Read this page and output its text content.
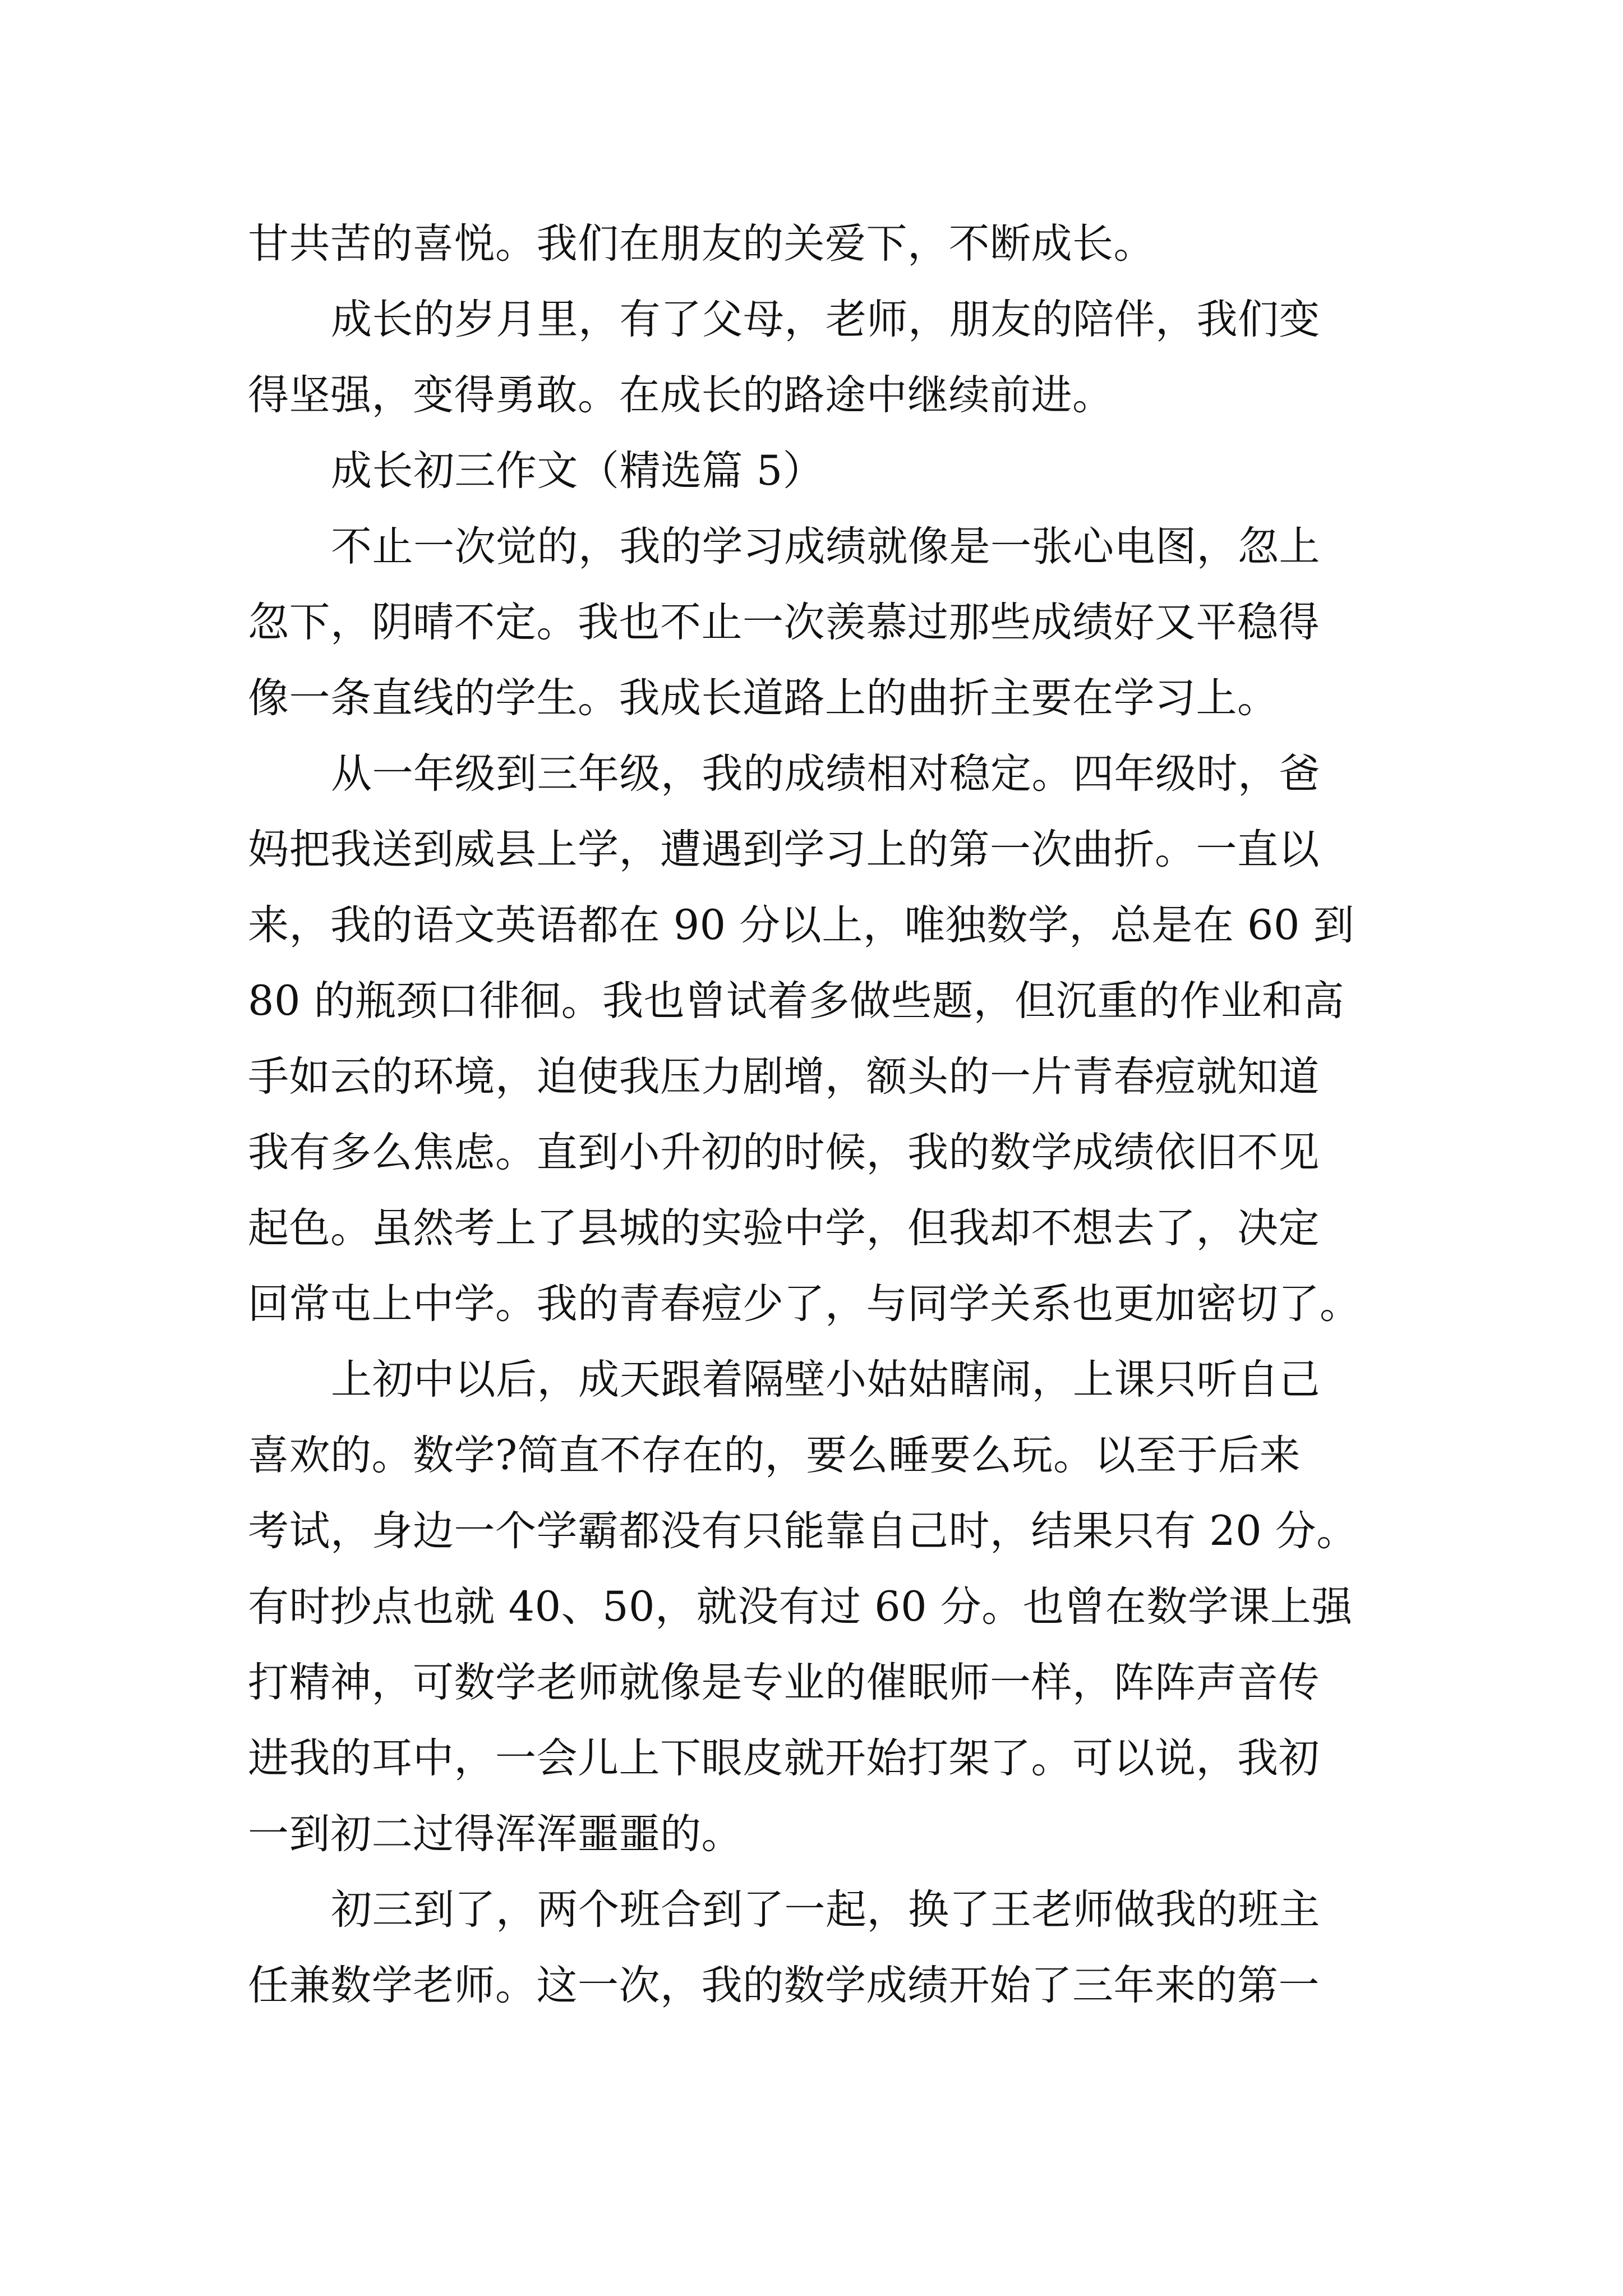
甘共苦的喜悦。我们在朋友的关爱下，不断成长。
成长的岁月里，有了父母，老师，朋友的陪伴，我们变
得坚强，变得勇敢。在成长的路途中继续前进。
成长初三作文（精选篇 5）
不止一次觉的，我的学习成绩就像是一张心电图，忽上
忽下，阴晴不定。我也不止一次羡慕过那些成绩好又平稳得
像一条直线的学生。我成长道路上的曲折主要在学习上。
从一年级到三年级，我的成绩相对稳定。四年级时，爸
妈把我送到威县上学，遭遇到学习上的第一次曲折。一直以
来，我的语文英语都在 90 分以上，唯独数学，总是在 60 到
80 的瓶颈口徘徊。我也曾试着多做些题，但沉重的作业和高
手如云的环境，迫使我压力剧增，额头的一片青春痘就知道
我有多么焦虑。直到小升初的时候，我的数学成绩依旧不见
起色。虽然考上了县城的实验中学，但我却不想去了，决定
回常屯上中学。我的青春痘少了，与同学关系也更加密切了。
上初中以后，成天跟着隔壁小姑姑瞎闹，上课只听自己
喜欢的。数学?简直不存在的，要么睡要么玩。以至于后来
考试，身边一个学霸都没有只能靠自己时，结果只有 20 分。
有时抄点也就 40、50，就没有过 60 分。也曾在数学课上强
打精神，可数学老师就像是专业的催眠师一样，阵阵声音传
进我的耳中，一会儿上下眼皮就开始打架了。可以说，我初
一到初二过得浑浑噩噩的。
初三到了，两个班合到了一起，换了王老师做我的班主
任兼数学老师。这一次，我的数学成绩开始了三年来的第一
